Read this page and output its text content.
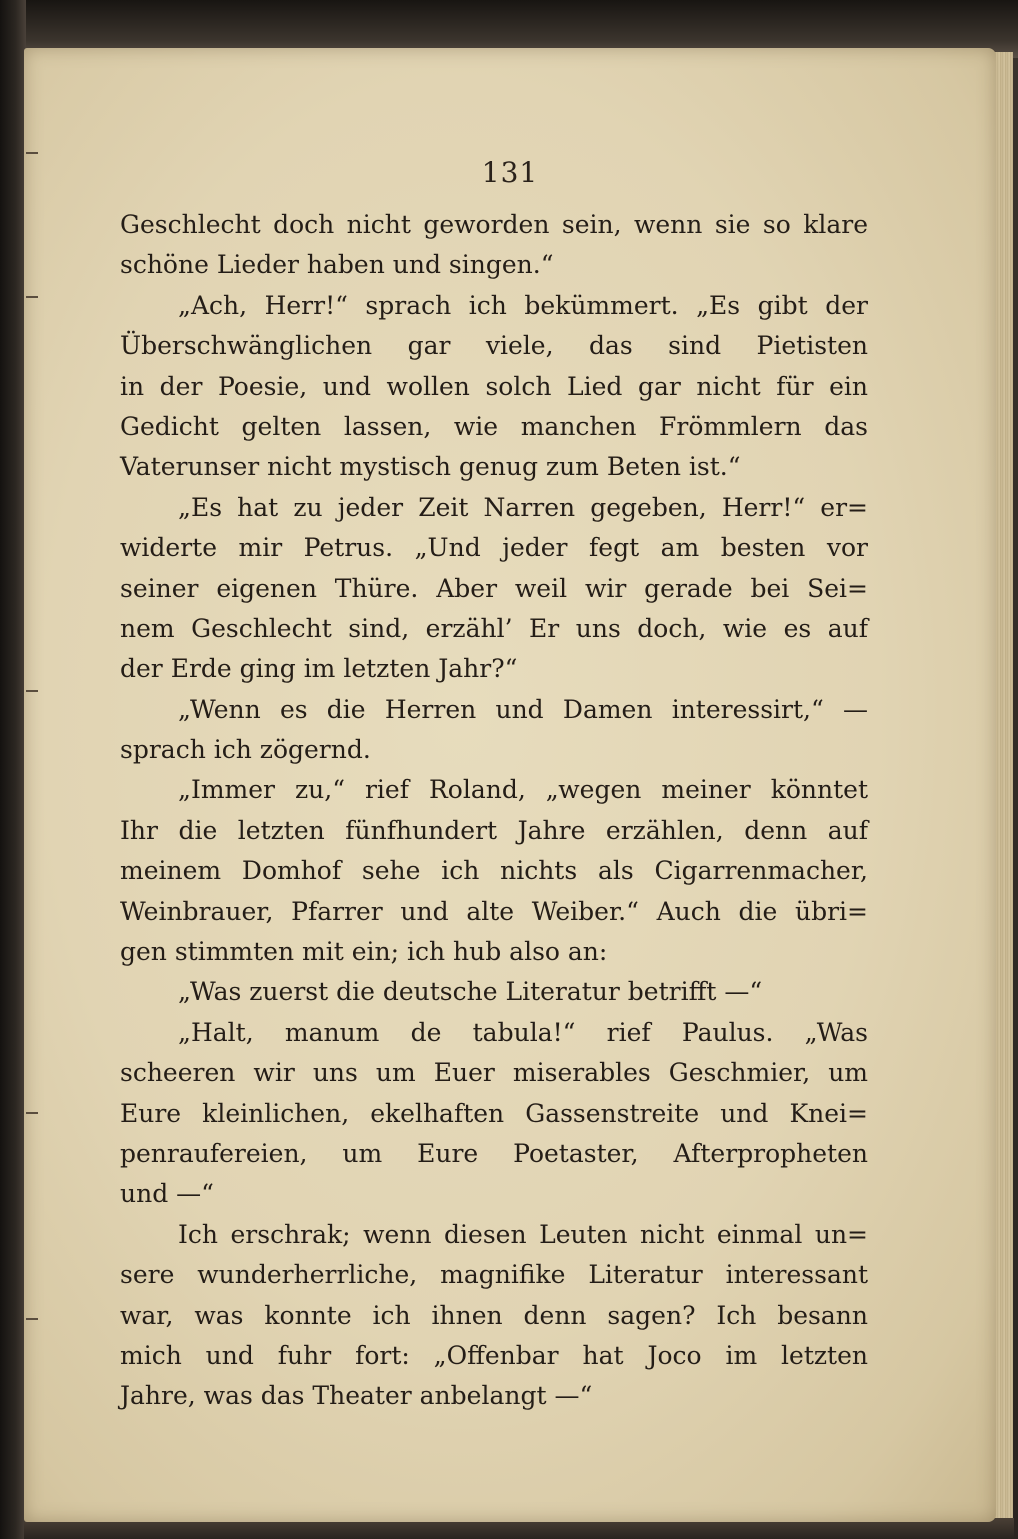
131
Geschlecht doch nicht geworden sein, wenn sie so klare
schöne Lieder haben und singen.“
„Ach, Herr!“ sprach ich bekümmert. „Es gibt der
Überschwänglichen gar viele, das sind Pietisten
in der Poesie, und wollen solch Lied gar nicht für ein
Gedicht gelten lassen, wie manchen Frömmlern das
Vaterunser nicht mystisch genug zum Beten ist.“
„Es hat zu jeder Zeit Narren gegeben, Herr!“ er=
widerte mir Petrus. „Und jeder fegt am besten vor
seiner eigenen Thüre. Aber weil wir gerade bei Sei=
nem Geschlecht sind, erzähl’ Er uns doch, wie es auf
der Erde ging im letzten Jahr?“
„Wenn es die Herren und Damen interessirt,“ —
sprach ich zögernd.
„Immer zu,“ rief Roland, „wegen meiner könntet
Ihr die letzten fünfhundert Jahre erzählen, denn auf
meinem Domhof sehe ich nichts als Cigarrenmacher,
Weinbrauer, Pfarrer und alte Weiber.“ Auch die übri=
gen stimmten mit ein; ich hub also an:
„Was zuerst die deutsche Literatur betrifft —“
„Halt, manum de tabula!“ rief Paulus. „Was
scheeren wir uns um Euer miserables Geschmier, um
Eure kleinlichen, ekelhaften Gassenstreite und Knei=
penraufereien, um Eure Poetaster, Afterpropheten
und —“
Ich erschrak; wenn diesen Leuten nicht einmal un=
sere wunderherrliche, magnifike Literatur interessant
war, was konnte ich ihnen denn sagen? Ich besann
mich und fuhr fort: „Offenbar hat Joco im letzten
Jahre, was das Theater anbelangt —“
